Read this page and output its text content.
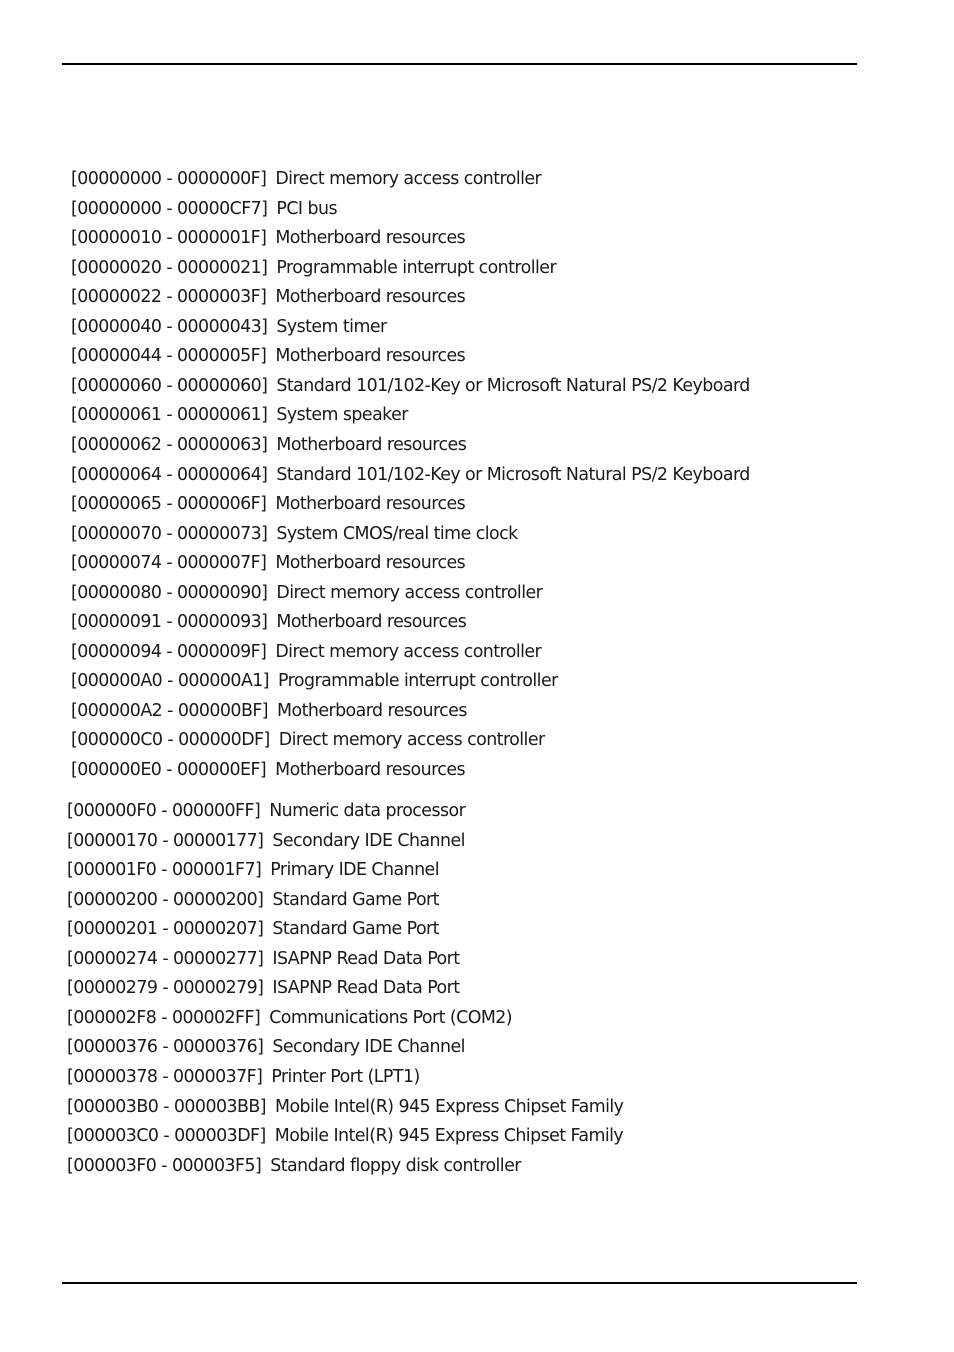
[00000000 - 0000000F] Direct memory access controller
[00000000 - 00000CF7] PCI bus
[00000010 - 0000001F] Motherboard resources
[00000020 - 00000021] Programmable interrupt controller
[00000022 - 0000003F] Motherboard resources
[00000040 - 00000043] System timer
[00000044 - 0000005F] Motherboard resources
[00000060 - 00000060] Standard 101/102-Key or Microsoft Natural PS/2 Keyboard
[00000061 - 00000061] System speaker
[00000062 - 00000063] Motherboard resources
[00000064 - 00000064] Standard 101/102-Key or Microsoft Natural PS/2 Keyboard
[00000065 - 0000006F] Motherboard resources
[00000070 - 00000073] System CMOS/real time clock
[00000074 - 0000007F] Motherboard resources
[00000080 - 00000090] Direct memory access controller
[00000091 - 00000093] Motherboard resources
[00000094 - 0000009F] Direct memory access controller
[000000A0 - 000000A1] Programmable interrupt controller
[000000A2 - 000000BF] Motherboard resources
[000000C0 - 000000DF] Direct memory access controller
[000000E0 - 000000EF] Motherboard resources
[000000F0 - 000000FF] Numeric data processor
[00000170 - 00000177] Secondary IDE Channel
[000001F0 - 000001F7] Primary IDE Channel
[00000200 - 00000200] Standard Game Port
[00000201 - 00000207] Standard Game Port
[00000274 - 00000277] ISAPNP Read Data Port
[00000279 - 00000279] ISAPNP Read Data Port
[000002F8 - 000002FF] Communications Port (COM2)
[00000376 - 00000376] Secondary IDE Channel
[00000378 - 0000037F] Printer Port (LPT1)
[000003B0 - 000003BB] Mobile Intel(R) 945 Express Chipset Family
[000003C0 - 000003DF] Mobile Intel(R) 945 Express Chipset Family
[000003F0 - 000003F5] Standard floppy disk controller
